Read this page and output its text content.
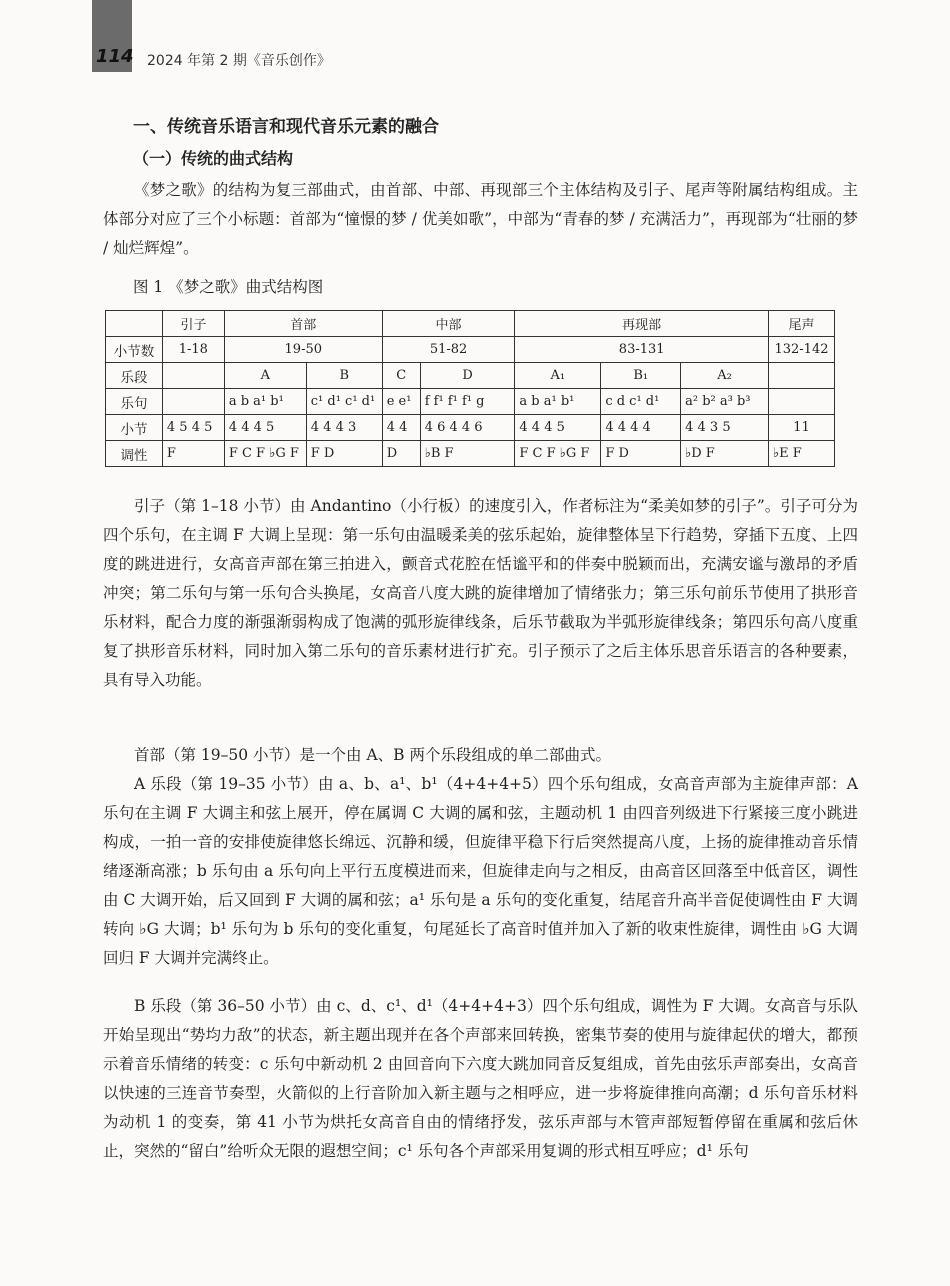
114 2024 年第 2 期《音乐创作》
一、传统音乐语言和现代音乐元素的融合
（一）传统的曲式结构

《梦之歌》的结构为复三部曲式，由首部、中部、再现部三个主体结构及引子、尾声等附属结构组成。主体部分对应了三个小标题：首部为“憧憬的梦 / 优美如歌”，中部为“青春的梦 / 充满活力”，再现部为“壮丽的梦 / 灿烂辉煌”。

图 1 《梦之歌》曲式结构图
	引子	首部		中部		再现部			尾声
小节数	1-18	19-50		51-82		83-131			132-142
乐段		A	B	C	D	A₁	B₁	A₂	
乐句		a b a¹ b¹	c¹ d¹ c¹ d¹	e e¹	f f¹ f¹ f¹ g	a b a¹ b¹	c d c¹ d¹	a² b² a³ b³	
小节	4 5 4 5	4 4 4 5	4 4 4 3	4 4	4 6 4 4 6	4 4 4 5	4 4 4 4	4 4 3 5	11
调性	F	F C F ♭G F	F D	D	♭B F	F C F ♭G F	F D	♭D F	♭E F

引子（第 1–18 小节）由 Andantino（小行板）的速度引入，作者标注为“柔美如梦的引子”。引子可分为四个乐句，在主调 F 大调上呈现：第一乐句由温暖柔美的弦乐起始，旋律整体呈下行趋势，穿插下五度、上四度的跳进进行，女高音声部在第三拍进入，颤音式花腔在恬谧平和的伴奏中脱颖而出，充满安谧与激昂的矛盾冲突；第二乐句与第一乐句合头换尾，女高音八度大跳的旋律增加了情绪张力；第三乐句前乐节使用了拱形音乐材料，配合力度的渐强渐弱构成了饱满的弧形旋律线条，后乐节截取为半弧形旋律线条；第四乐句高八度重复了拱形音乐材料，同时加入第二乐句的音乐素材进行扩充。引子预示了之后主体乐思音乐语言的各种要素，具有导入功能。

首部（第 19–50 小节）是一个由 A、B 两个乐段组成的单二部曲式。

A 乐段（第 19–35 小节）由 a、b、a¹、b¹（4+4+4+5）四个乐句组成，女高音声部为主旋律声部：A 乐句在主调 F 大调主和弦上展开，停在属调 C 大调的属和弦，主题动机 1 由四音列级进下行紧接三度小跳进构成，一拍一音的安排使旋律悠长绵远、沉静和缓，但旋律平稳下行后突然提高八度，上扬的旋律推动音乐情绪逐渐高涨；b 乐句由 a 乐句向上平行五度模进而来，但旋律走向与之相反，由高音区回落至中低音区，调性由 C 大调开始，后又回到 F 大调的属和弦；a¹ 乐句是 a 乐句的变化重复，结尾音升高半音促使调性由 F 大调转向 ♭G 大调；b¹ 乐句为 b 乐句的变化重复，句尾延长了高音时值并加入了新的收束性旋律，调性由 ♭G 大调回归 F 大调并完满终止。

B 乐段（第 36–50 小节）由 c、d、c¹、d¹（4+4+4+3）四个乐句组成，调性为 F 大调。女高音与乐队开始呈现出“势均力敌”的状态，新主题出现并在各个声部来回转换，密集节奏的使用与旋律起伏的增大，都预示着音乐情绪的转变：c 乐句中新动机 2 由回音向下六度大跳加同音反复组成，首先由弦乐声部奏出，女高音以快速的三连音节奏型，火箭似的上行音阶加入新主题与之相呼应，进一步将旋律推向高潮；d 乐句音乐材料为动机 1 的变奏，第 41 小节为烘托女高音自由的情绪抒发，弦乐声部与木管声部短暂停留在重属和弦后休止，突然的“留白”给听众无限的遐想空间；c¹ 乐句各个声部采用复调的形式相互呼应；d¹ 乐句
